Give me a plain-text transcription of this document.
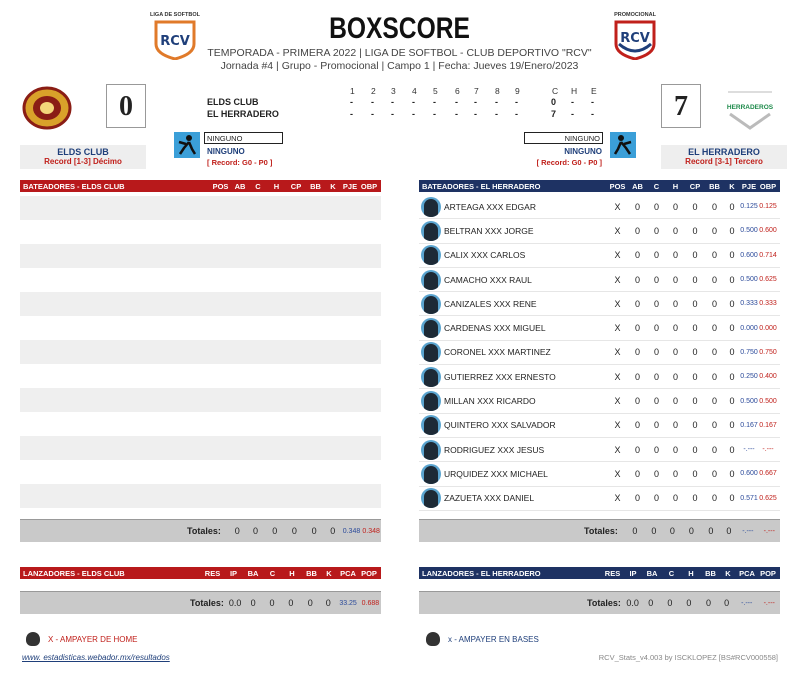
LIGA DE SOFTBOL
RCV	BOXSCORE
TEMPORADA - PRIMERA 2022 | LIGA DE SOFTBOL - CLUB DEPORTIVO "RCV"
Jornada #4 | Grupo - Promocional | Campo 1 | Fecha: Jueves 19/Enero/2023
PROMOCIONAL
RCV
0	1 2 3 4 5 6 7 8 9	C H E
ELDS CLUB	- - - - - - - - -	0 - -
EL HERRADERO	- - - - - - - - -	7 - -	7	HERRADEROS
ELDS CLUB
Record [1-3] Décimo
EL HERRADERO
Record [3-1] Tercero
NINGUNO
NINGUNO
[ Record: G0 - P0 ]
NINGUNO
NINGUNO
[ Record: G0 - P0 ]
BATEADORES - ELDS CLUB	POS AB	C	H	CP	BB	K PJE OBP
Totales:	0	0	0	0	0	0	0.348 0.348
BATEADORES - EL HERRADERO	POS AB	C	H	CP	BB	K PJE OBP
ARTEAGA XXX EDGAR	X	0	0	0	0	0	0 0.125 0.125
BELTRAN XXX JORGE	X	0	0	0	0	0	0 0.500 0.600
CALIX XXX CARLOS	X	0	0	0	0	0	0 0.600 0.714
CAMACHO XXX RAUL	X	0	0	0	0	0	0 0.500 0.625
CANIZALES XXX RENE	X	0	0	0	0	0	0 0.333 0.333
CARDENAS XXX MIGUEL	X	0	0	0	0	0	0 0.000 0.000
CORONEL XXX MARTINEZ	X	0	0	0	0	0	0 0.750 0.750
GUTIERREZ XXX ERNESTO	X	0	0	0	0	0	0 0.250 0.400
MILLAN XXX RICARDO	X	0	0	0	0	0	0 0.500 0.500
QUINTERO XXX SALVADOR	X	0	0	0	0	0	0 0.167 0.167
RODRIGUEZ XXX JESUS	X	0	0	0	0	0	0	-.---	-.---
URQUIDEZ XXX MICHAEL	X	0	0	0	0	0	0 0.600 0.667
ZAZUETA XXX DANIEL	X	0	0	0	0	0	0 0.571 0.625
Totales:	0	0	0	0	0	0	-.---	-.---
LANZADORES - ELDS CLUB	RES	IP	BA	C	H	BB	K	PCA POP
Totales: 0.0	0	0	0	0	0	33.25 0.688
LANZADORES - EL HERRADERO	RES	IP	BA	C	H	BB	K	PCA POP
Totales: 0.0	0	0	0	0	0	-.---	-.---
X - AMPAYER DE HOME	x - AMPAYER EN BASES
www. estadisticas.webador.mx/resultados	RCV_Stats_v4.003 by ISCKLOPEZ [BS#RCV000558]
